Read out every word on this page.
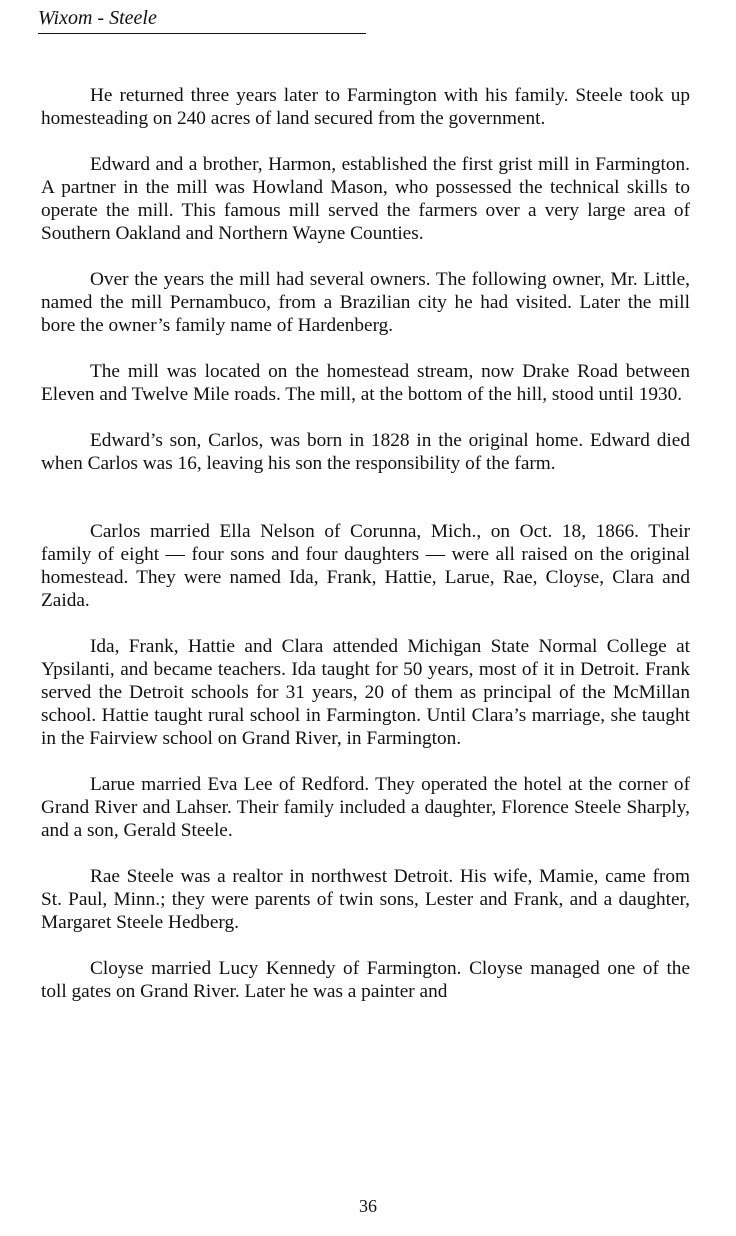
Wixom - Steele

He returned three years later to Farmington with his family. Steele took up homesteading on 240 acres of land secured from the government.

Edward and a brother, Harmon, established the first grist mill in Farmington. A partner in the mill was Howland Mason, who possessed the technical skills to operate the mill. This famous mill served the farmers over a very large area of Southern Oakland and Northern Wayne Counties.

Over the years the mill had several owners. The following owner, Mr. Little, named the mill Pernambuco, from a Brazilian city he had visited. Later the mill bore the owner’s family name of Hardenberg.

The mill was located on the homestead stream, now Drake Road between Eleven and Twelve Mile roads. The mill, at the bottom of the hill, stood until 1930.

Edward’s son, Carlos, was born in 1828 in the original home. Edward died when Carlos was 16, leaving his son the responsibility of the farm.

Carlos married Ella Nelson of Corunna, Mich., on Oct. 18, 1866. Their family of eight — four sons and four daughters — were all raised on the original homestead. They were named Ida, Frank, Hattie, Larue, Rae, Cloyse, Clara and Zaida.

Ida, Frank, Hattie and Clara attended Michigan State Normal College at Ypsilanti, and became teachers. Ida taught for 50 years, most of it in Detroit. Frank served the Detroit schools for 31 years, 20 of them as principal of the McMillan school. Hattie taught rural school in Farmington. Until Clara’s marriage, she taught in the Fairview school on Grand River, in Farmington.

Larue married Eva Lee of Redford. They operated the hotel at the corner of Grand River and Lahser. Their family included a daughter, Florence Steele Sharply, and a son, Gerald Steele.

Rae Steele was a realtor in northwest Detroit. His wife, Mamie, came from St. Paul, Minn.; they were parents of twin sons, Lester and Frank, and a daughter, Margaret Steele Hedberg.

Cloyse married Lucy Kennedy of Farmington. Cloyse managed one of the toll gates on Grand River. Later he was a painter and

36
